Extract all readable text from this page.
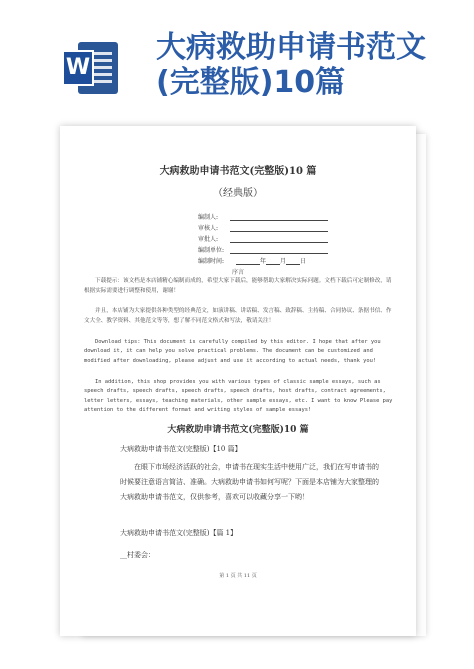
W
大病救助申请书范文(完整版)10篇
大病救助申请书范文(完整版)10 篇
（经典版）
编制人:
审核人:
审批人:
编制单位:
编制时间:	年 月 日
序言

下载提示：该文档是本店铺精心编制而成的，希望大家下载后，能够帮助大家解决实际问题。文档下载后可定制修改，请根据实际需要进行调整和使用，谢谢！

并且，本店铺为大家提供各种类型的经典范文，如演讲稿、讲话稿、发言稿、致辞稿、主持稿、合同协议、条据书信、作文大全、教学资料、其他范文等等，想了解不同范文格式和写法，敬请关注！

Download tips: This document is carefully compiled by this editor. I hope that after you download it, it can help you solve practical problems. The document can be customized and modified after downloading, please adjust and use it according to actual needs, thank you!

In addition, this shop provides you with various types of classic sample essays, such as speech drafts, speech drafts, speech drafts, speech drafts, host drafts, contract agreements, letter letters, essays, teaching materials, other sample essays, etc. I want to know Please pay attention to the different format and writing styles of sample essays!

大病救助申请书范文(完整版)10 篇

大病救助申请书范文(完整版)【10 篇】

在眼下市场经济活跃的社会，申请书在现实生活中使用广泛，我们在写申请书的时候要注意语言简洁、准确。大病救助申请书如何写呢？下面是本店铺为大家整理的大病救助申请书范文，仅供参考，喜欢可以收藏分享一下哟！

大病救助申请书范文(完整版)【篇 1】

__村委会：

第 1 页 共 11 页
